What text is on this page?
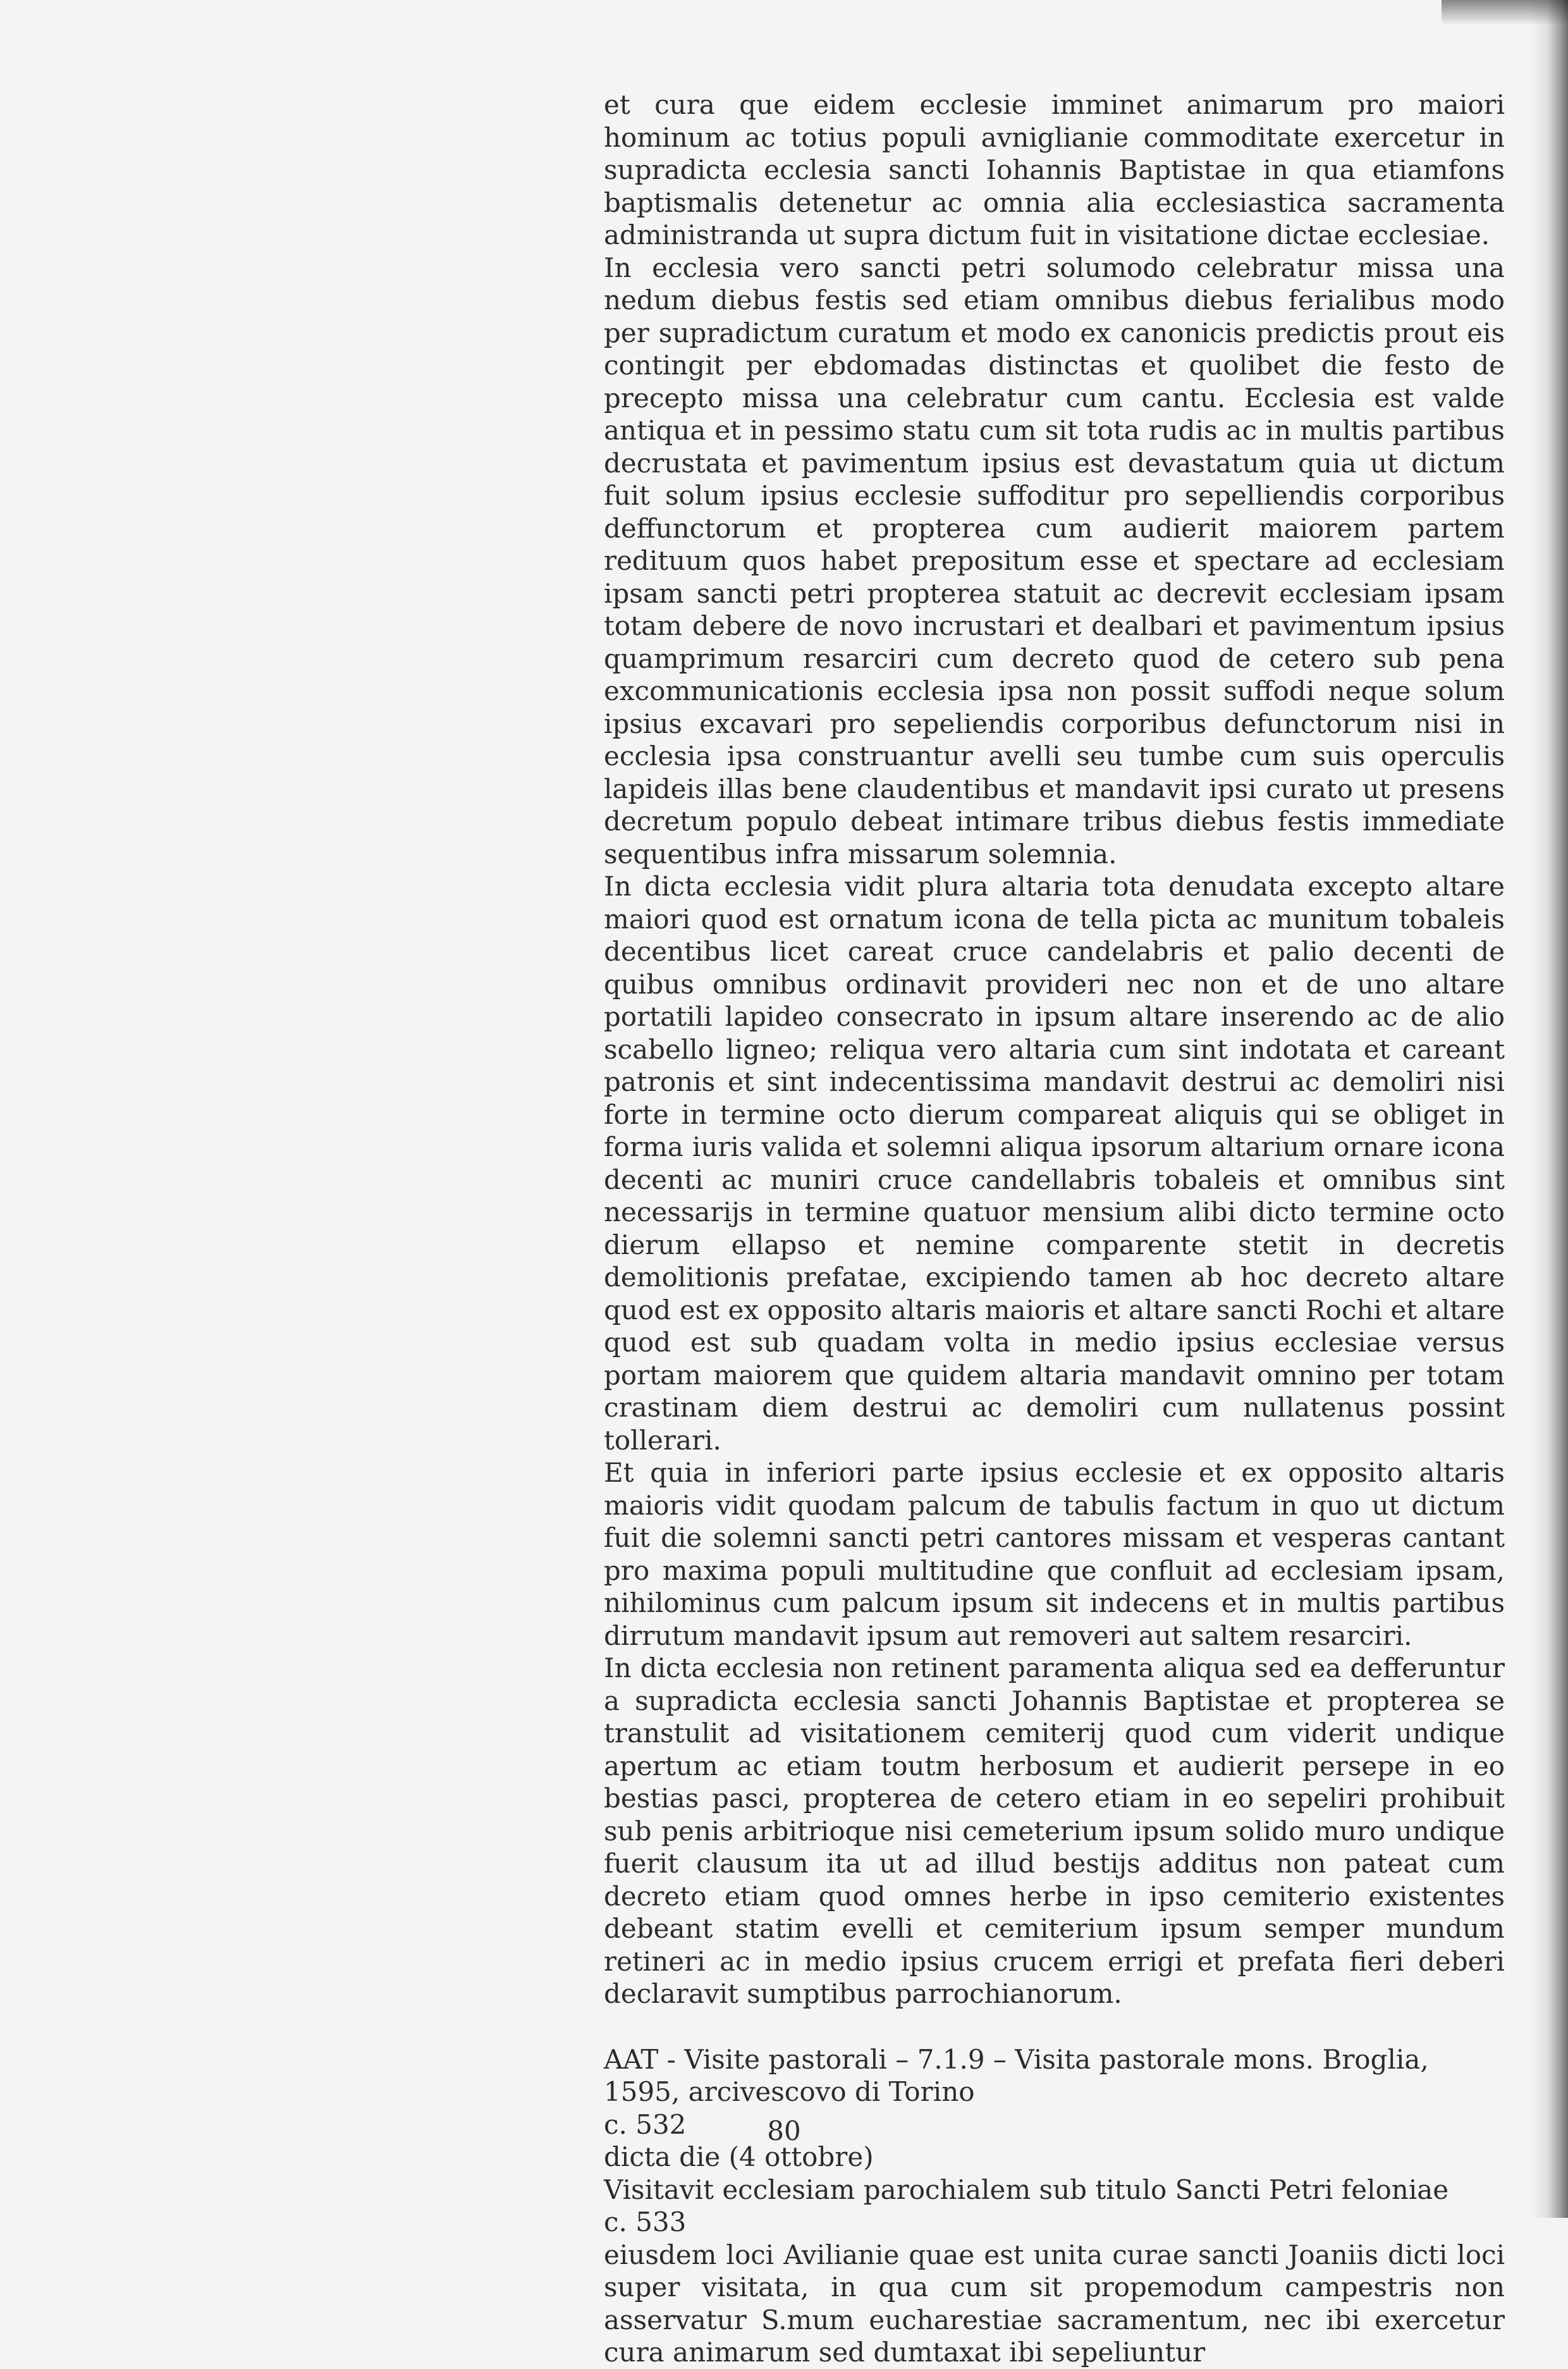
et cura que eidem ecclesie imminet animarum pro maiori hominum ac totius populi avniglianie commoditate exercetur in supradicta ecclesia sancti Iohannis Baptistae in qua etiamfons baptismalis detenetur ac omnia alia ecclesiastica sacramenta administranda ut supra dictum fuit in visitatione dictae ecclesiae.

In ecclesia vero sancti petri solumodo celebratur missa una nedum diebus festis sed etiam omnibus diebus ferialibus modo per supradictum curatum et modo ex canonicis predictis prout eis contingit per ebdomadas distinctas et quolibet die festo de precepto missa una celebratur cum cantu. Ecclesia est valde antiqua et in pessimo statu cum sit tota rudis ac in multis partibus decrustata et pavimentum ipsius est devastatum quia ut dictum fuit solum ipsius ecclesie suffoditur pro sepelliendis corporibus deffunctorum et propterea cum audierit maiorem partem redituum quos habet prepositum esse et spectare ad ecclesiam ipsam sancti petri propterea statuit ac decrevit ecclesiam ipsam totam debere de novo incrustari et dealbari et pavimentum ipsius quamprimum resarciri cum decreto quod de cetero sub pena excommunicationis ecclesia ipsa non possit suffodi neque solum ipsius excavari pro sepeliendis corporibus defunctorum nisi in ecclesia ipsa construantur avelli seu tumbe cum suis operculis lapideis illas bene claudentibus et mandavit ipsi curato ut presens decretum populo debeat intimare tribus diebus festis immediate sequentibus infra missarum solemnia.

In dicta ecclesia vidit plura altaria tota denudata excepto altare maiori quod est ornatum icona de tella picta ac munitum tobaleis decentibus licet careat cruce candelabris et palio decenti de quibus omnibus ordinavit provideri nec non et de uno altare portatili lapideo consecrato in ipsum altare inserendo ac de alio scabello ligneo; reliqua vero altaria cum sint indotata et careant patronis et sint indecentissima mandavit destrui ac demoliri nisi forte in termine octo dierum compareat aliquis qui se obliget in forma iuris valida et solemni aliqua ipsorum altarium ornare icona decenti ac muniri cruce candellabris tobaleis et omnibus sint necessarijs in termine quatuor mensium alibi dicto termine octo dierum ellapso et nemine comparente stetit in decretis demolitionis prefatae, excipiendo tamen ab hoc decreto altare quod est ex opposito altaris maioris et altare sancti Rochi et altare quod est sub quadam volta in medio ipsius ecclesiae versus portam maiorem que quidem altaria mandavit omnino per totam crastinam diem destrui ac demoliri cum nullatenus possint tollerari.

Et quia in inferiori parte ipsius ecclesie et ex opposito altaris maioris vidit quodam palcum de tabulis factum in quo ut dictum fuit die solemni sancti petri cantores missam et vesperas cantant pro maxima populi multitudine que confluit ad ecclesiam ipsam, nihilominus cum palcum ipsum sit indecens et in multis partibus dirrutum mandavit ipsum aut removeri aut saltem resarciri.

In dicta ecclesia non retinent paramenta aliqua sed ea defferuntur a supradicta ecclesia sancti Johannis Baptistae et propterea se transtulit ad visitationem cemiterij quod cum viderit undique apertum ac etiam toutm herbosum et audierit persepe in eo bestias pasci, propterea de cetero etiam in eo sepeliri prohibuit sub penis arbitrioque nisi cemeterium ipsum solido muro undique fuerit clausum ita ut ad illud bestijs additus non pateat cum decreto etiam quod omnes herbe in ipso cemiterio existentes debeant statim evelli et cemiterium ipsum semper mundum retineri ac in medio ipsius crucem errigi et prefata fieri deberi declaravit sumptibus parrochianorum.

AAT - Visite pastorali – 7.1.9 – Visita pastorale mons. Broglia, 1595, arcivescovo di Torino

c. 532

dicta die (4 ottobre)

Visitavit ecclesiam parochialem sub titulo Sancti Petri feloniae

c. 533

eiusdem loci Avilianie quae est unita curae sancti Joaniis dicti loci super visitata, in qua cum sit propemodum campestris non asservatur S.mum eucharestiae sacramentum, nec ibi exercetur cura animarum sed dumtaxat ibi sepeliuntur

80
